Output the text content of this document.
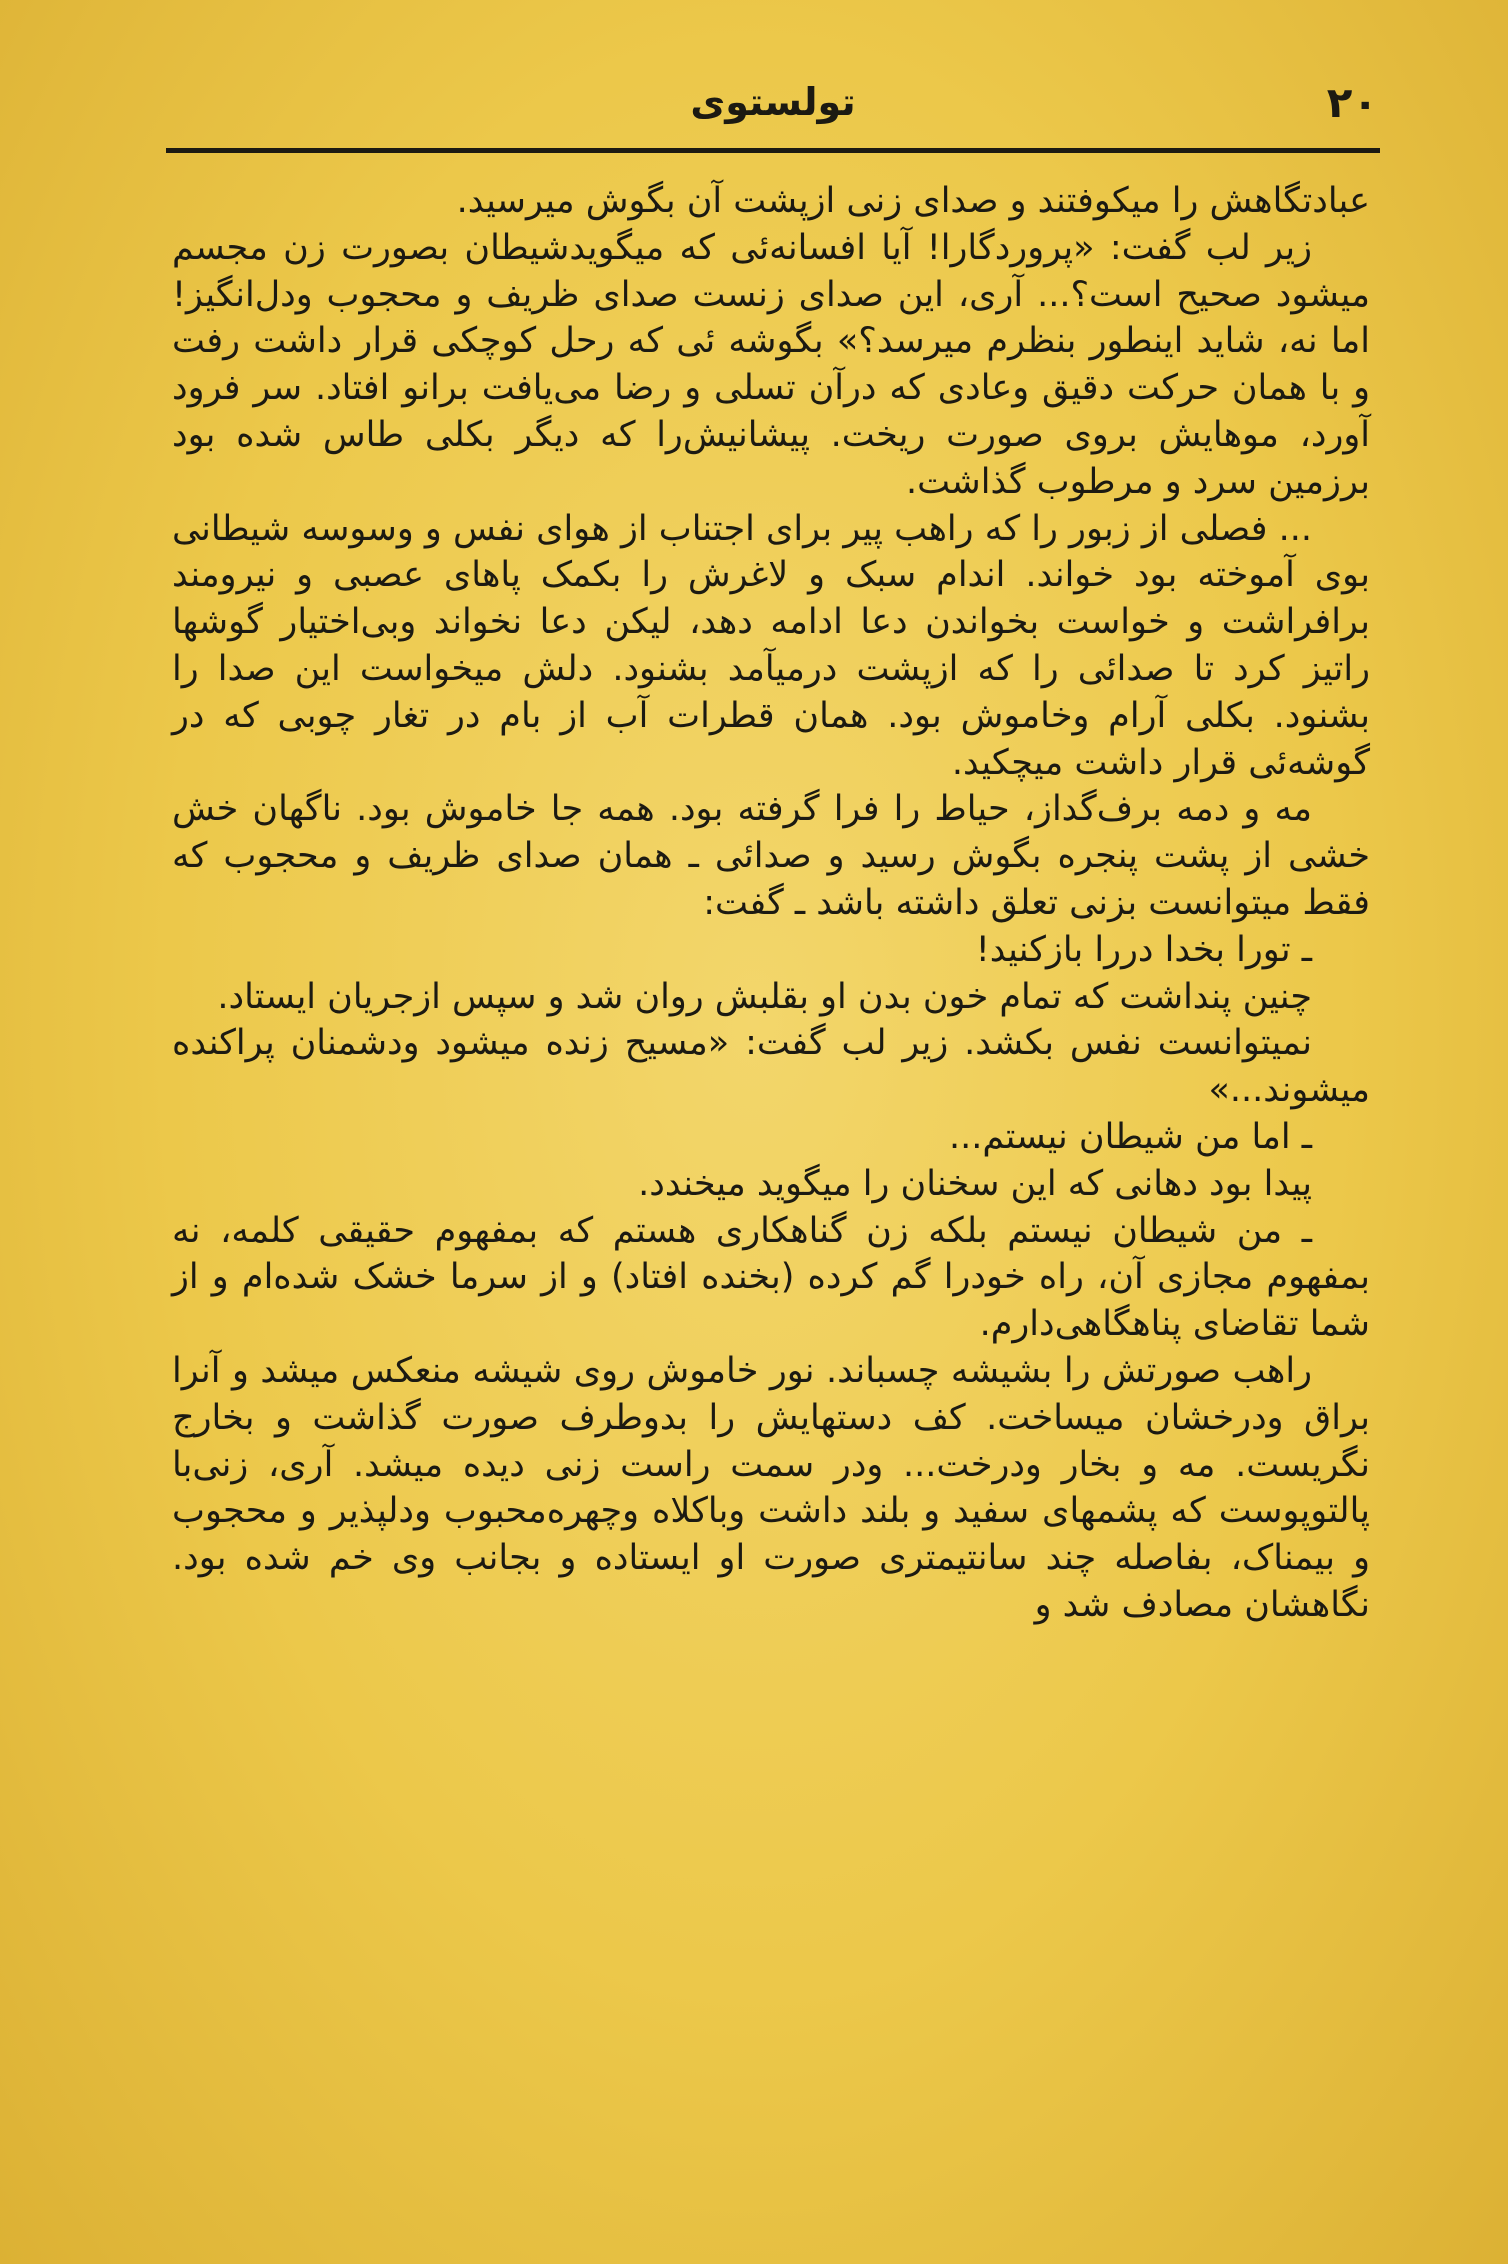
۲۰
تولستوی

عبادتگاهش را میکوفتند و صدای زنی ازپشت آن بگوش میرسید.

زیر لب گفت: «پروردگارا! آیا افسانه‌ئی که میگویدشیطان بصورت زن مجسم میشود صحیح است؟... آری، این صدای زنست صدای ظریف و محجوب ودل‌انگیز! اما نه، شاید اینطور بنظرم میرسد؟» بگوشه ئی که رحل کوچکی قرار داشت رفت و با همان حرکت دقیق وعادی که درآن تسلی و رضا می‌یافت برانو افتاد. سر فرود آورد، موهایش بروی صورت ریخت. پیشانیش‌را که دیگر بکلی طاس شده بود برزمین سرد و مرطوب گذاشت.

... فصلی از زبور را که راهب پیر برای اجتناب از هوای نفس و وسوسه شیطانی بوی آموخته بود خواند. اندام سبک و لاغرش را بکمک پاهای عصبی و نیرومند برافراشت و خواست بخواندن دعا ادامه دهد، لیکن دعا نخواند وبی‌اختیار گوشها راتیز کرد تا صدائی را که ازپشت درمیآمد بشنود. دلش میخواست این صدا را بشنود. بکلی آرام وخاموش بود. همان قطرات آب از بام در تغار چوبی که در گوشه‌ئی قرار داشت میچکید.

مه و دمه برف‌گداز، حیاط را فرا گرفته بود. همه جا خاموش بود. ناگهان خش خشی از پشت پنجره بگوش رسید و صدائی ـ همان صدای ظریف و محجوب که فقط میتوانست بزنی تعلق داشته باشد ـ گفت:

ـ تورا بخدا دررا بازکنید!

چنین پنداشت که تمام خون بدن او بقلبش روان شد و سپس ازجریان ایستاد.

نمیتوانست نفس بکشد. زیر لب گفت: «مسیح زنده میشود ودشمنان پراکنده میشوند...»

ـ اما من شیطان نیستم...

پیدا بود دهانی که این سخنان را میگوید میخندد.

ـ من شیطان نیستم بلکه زن گناهکاری هستم که بمفهوم حقیقی کلمه، نه بمفهوم مجازی آن، راه خودرا گم کرده (بخنده افتاد) و از سرما خشک شده‌ام و از شما تقاضای پناهگاهی‌دارم.

راهب صورتش را بشیشه چسباند. نور خاموش روی شیشه منعکس میشد و آنرا براق ودرخشان میساخت. کف دستهایش را بدوطرف صورت گذاشت و بخارج نگریست. مه و بخار ودرخت... ودر سمت راست زنی دیده میشد. آری، زنی‌با پالتوپوست که پشمهای سفید و بلند داشت وباکلاه وچهره‌محبوب ودلپذیر و محجوب و بیمناک، بفاصله چند سانتیمتری صورت او ایستاده و بجانب وی خم شده بود. نگاهشان مصادف شد و
